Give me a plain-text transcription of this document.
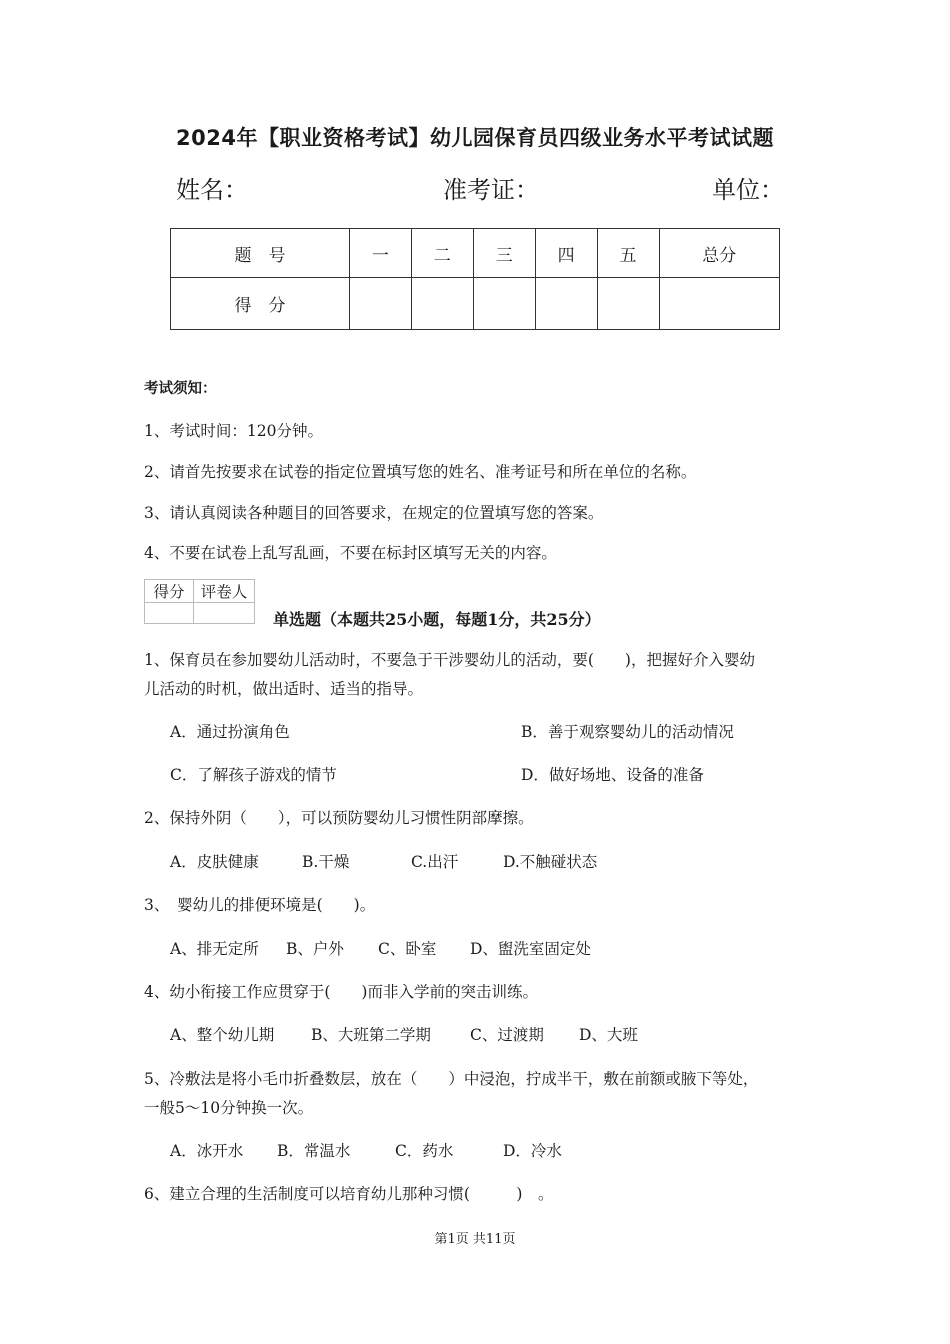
2024年【职业资格考试】幼儿园保育员四级业务水平考试试题
姓名：	准考证：	单位：
题　号	一	二	三	四	五	总分
得　分						
考试须知：
1、考试时间：120分钟。
2、请首先按要求在试卷的指定位置填写您的姓名、准考证号和所在单位的名称。
3、请认真阅读各种题目的回答要求，在规定的位置填写您的答案。
4、不要在试卷上乱写乱画，不要在标封区填写无关的内容。
得分	评卷人

单选题（本题共25小题，每题1分，共25分）
1、保育员在参加婴幼儿活动时，不要急于干涉婴幼儿的活动，要(　　)，把握好介入婴幼
儿活动的时机，做出适时、适当的指导。
A．通过扮演角色	B．善于观察婴幼儿的活动情况
C．了解孩子游戏的情节	D．做好场地、设备的准备
2、保持外阴（　　），可以预防婴幼儿习惯性阴部摩擦。
A．皮肤健康	B.干燥	C.出汗	D.不触碰状态
3、　婴幼儿的排便环境是(　　)。
A、排无定所 B、户外 C、卧室 D、盥洗室固定处
4、幼小衔接工作应贯穿于(　　)而非入学前的突击训练。
A、整个幼儿期 B、大班第二学期	C、过渡期 D、大班
5、冷敷法是将小毛巾折叠数层，放在（　　）中浸泡，拧成半干，敷在前额或腋下等处，
一般5～10分钟换一次。
A．冰开水 B．常温水	C．药水	D．冷水
6、建立合理的生活制度可以培育幼儿那种习惯(　　　)　。
第1页 共11页
